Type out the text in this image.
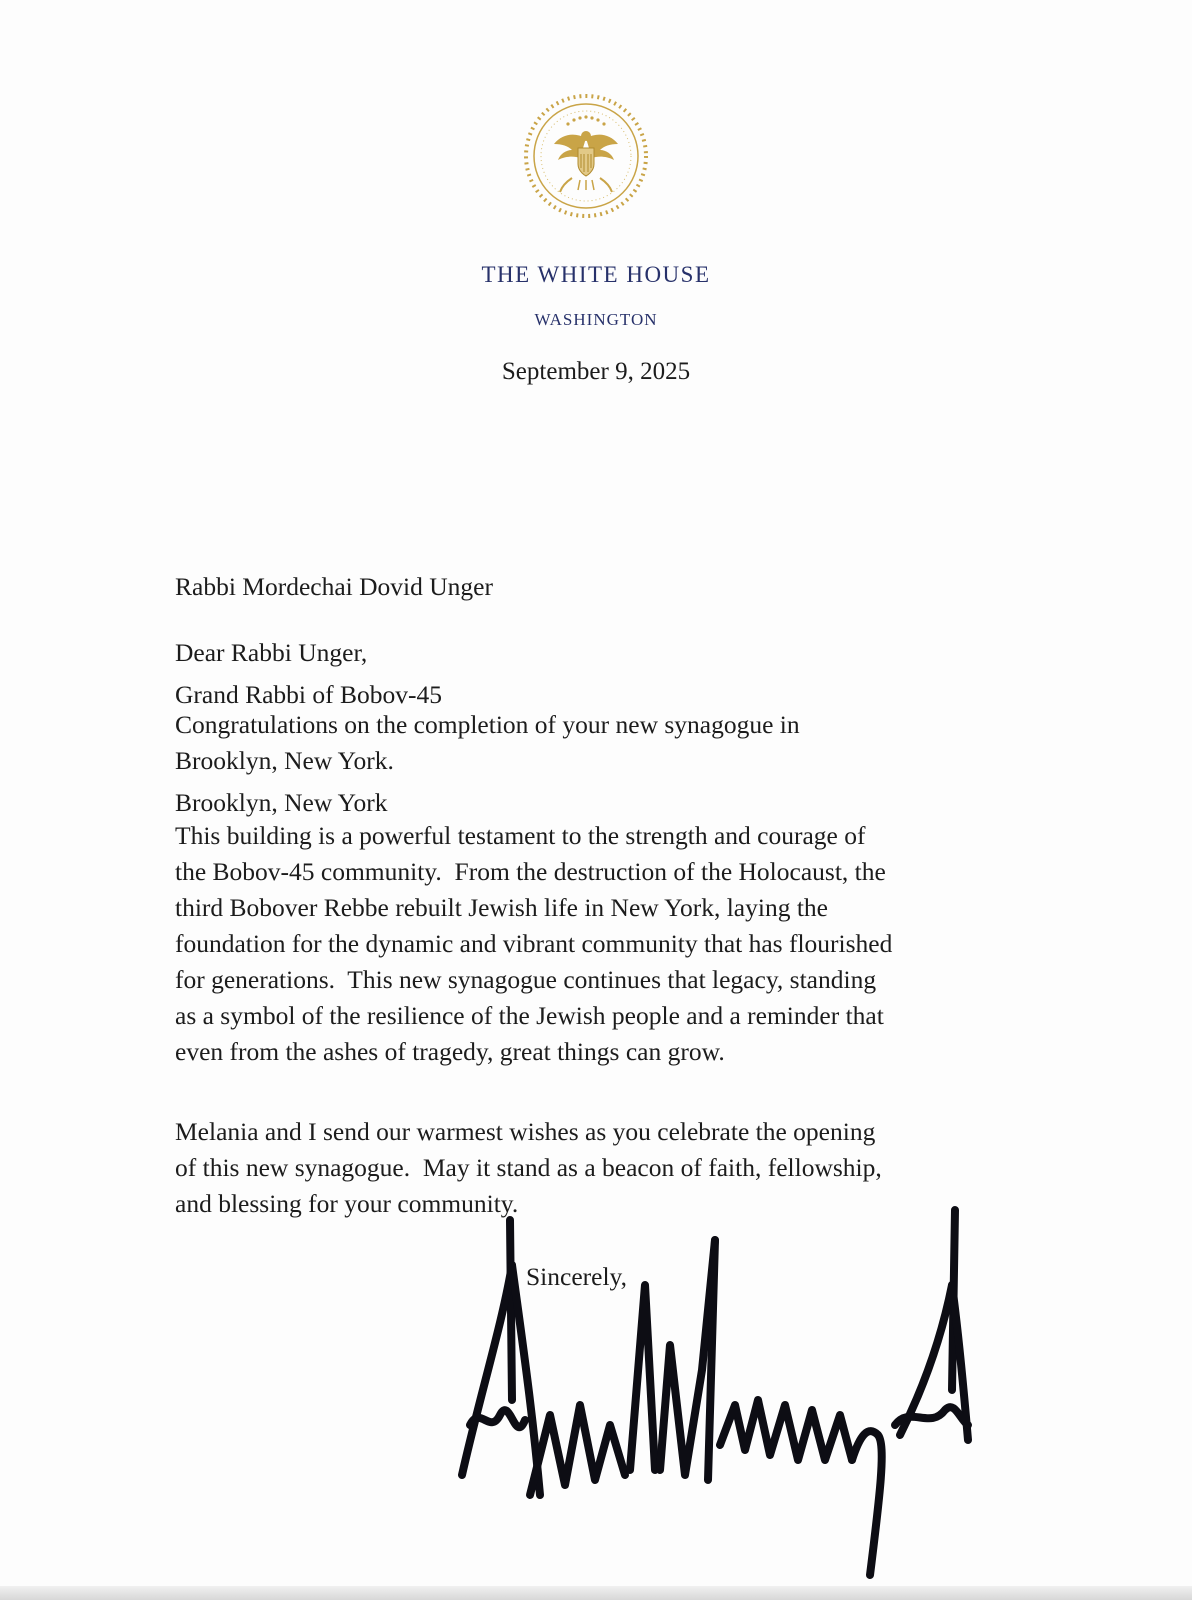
THE WHITE HOUSE
WASHINGTON
September 9, 2025

Rabbi Mordechai Dovid Unger

Grand Rabbi of Bobov-45

Brooklyn, New York

Dear Rabbi Unger,
Congratulations on the completion of your new synagogue in
Brooklyn, New York.
This building is a powerful testament to the strength and courage of
the Bobov-45 community.  From the destruction of the Holocaust, the
third Bobover Rebbe rebuilt Jewish life in New York, laying the
foundation for the dynamic and vibrant community that has flourished
for generations.  This new synagogue continues that legacy, standing
as a symbol of the resilience of the Jewish people and a reminder that
even from the ashes of tragedy, great things can grow.
Melania and I send our warmest wishes as you celebrate the opening
of this new synagogue.  May it stand as a beacon of faith, fellowship,
and blessing for your community.
Sincerely,
